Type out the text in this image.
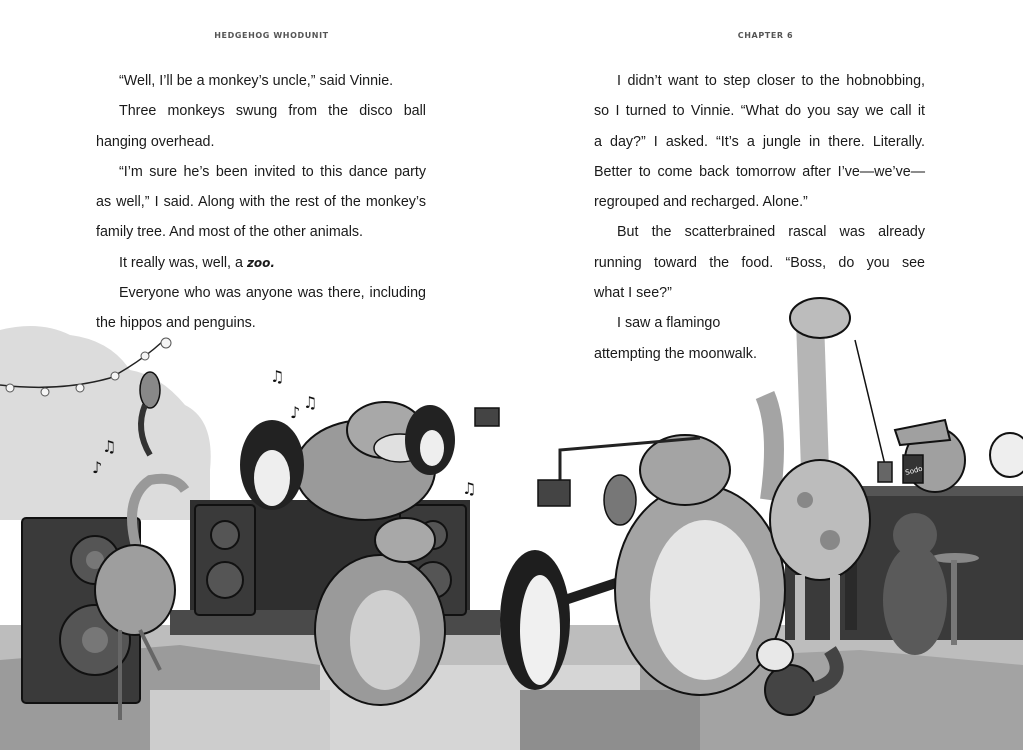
HEDGEHOG WHODUNIT

“Well, I’ll be a monkey’s uncle,” said Vinnie.

Three monkeys swung from the disco ball

hanging overhead.

“I’m sure he’s been invited to this dance party

as well,” I said. Along with the rest of the monkey’s

family tree. And most of the other animals.

It really was, well, a zoo.

Everyone who was anyone was there, including

the hippos and penguins.

CHAPTER 6

I didn’t want to step closer to the hobnobbing,

so I turned to Vinnie. “What do you say we call it

a day?” I asked. “It’s a jungle in there. Literally.

Better to come back tomorrow after I’ve—we’ve—

regrouped and recharged. Alone.”

But the scatterbrained rascal was already

running toward the food. “Boss, do you see

what I see?”

I saw a flamingo

attempting the moonwalk.

♫
♪
♫
♪
♫
♫
Sodo
